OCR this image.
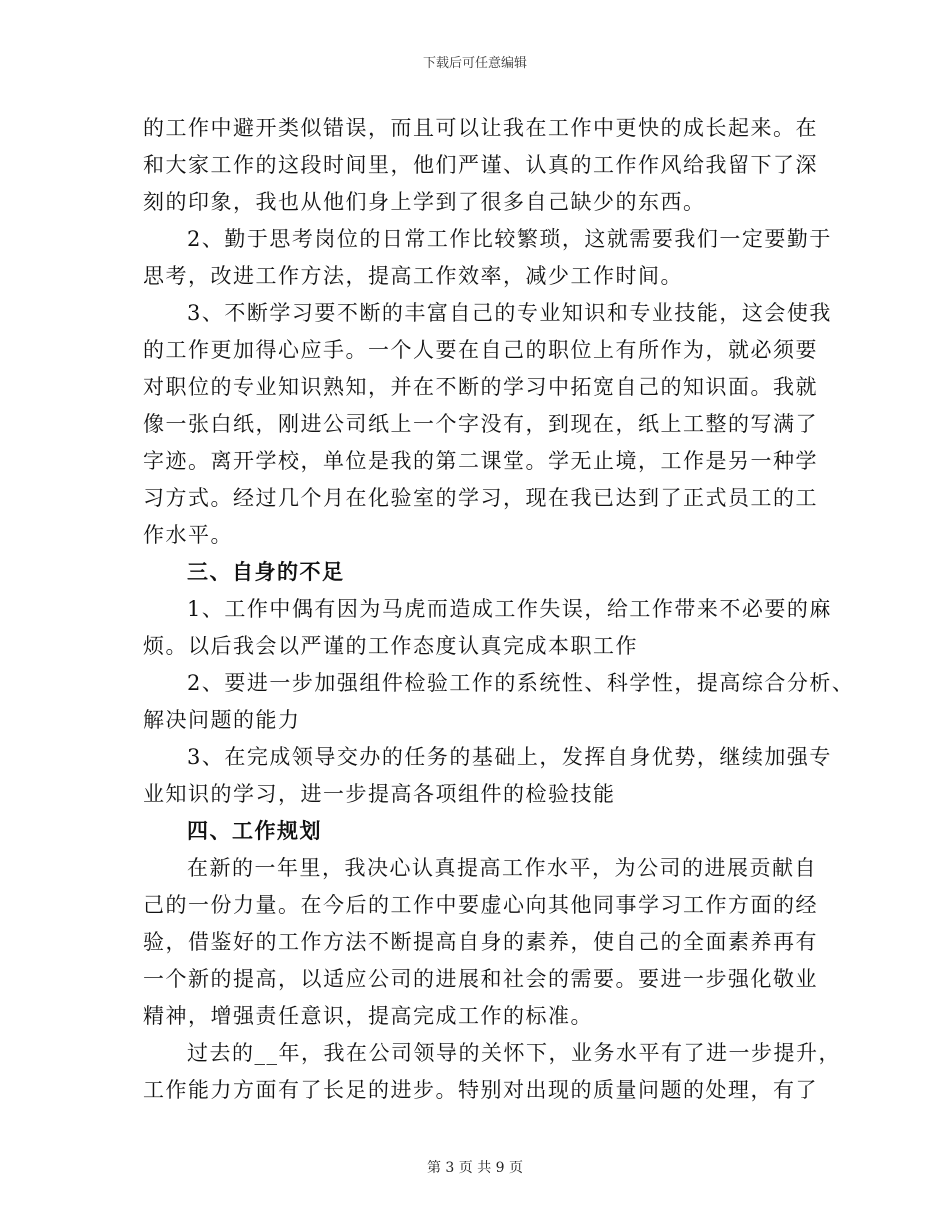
下载后可任意编辑
的工作中避开类似错误，而且可以让我在工作中更快的成长起来。在
和大家工作的这段时间里，他们严谨、认真的工作作风给我留下了深
刻的印象，我也从他们身上学到了很多自己缺少的东西。
2、勤于思考岗位的日常工作比较繁琐，这就需要我们一定要勤于
思考，改进工作方法，提高工作效率，减少工作时间。
3、不断学习要不断的丰富自己的专业知识和专业技能，这会使我
的工作更加得心应手。一个人要在自己的职位上有所作为，就必须要
对职位的专业知识熟知，并在不断的学习中拓宽自己的知识面。我就
像一张白纸，刚进公司纸上一个字没有，到现在，纸上工整的写满了
字迹。离开学校，单位是我的第二课堂。学无止境，工作是另一种学
习方式。经过几个月在化验室的学习，现在我已达到了正式员工的工
作水平。
三、自身的不足
1、工作中偶有因为马虎而造成工作失误，给工作带来不必要的麻
烦。以后我会以严谨的工作态度认真完成本职工作
2、要进一步加强组件检验工作的系统性、科学性，提高综合分析、
解决问题的能力
3、在完成领导交办的任务的基础上，发挥自身优势，继续加强专
业知识的学习，进一步提高各项组件的检验技能
四、工作规划
在新的一年里，我决心认真提高工作水平，为公司的进展贡献自
己的一份力量。在今后的工作中要虚心向其他同事学习工作方面的经
验，借鉴好的工作方法不断提高自身的素养，使自己的全面素养再有
一个新的提高，以适应公司的进展和社会的需要。要进一步强化敬业
精神，增强责任意识，提高完成工作的标准。
过去的__年，我在公司领导的关怀下，业务水平有了进一步提升，
工作能力方面有了长足的进步。特别对出现的质量问题的处理，有了
第 3 页 共 9 页
